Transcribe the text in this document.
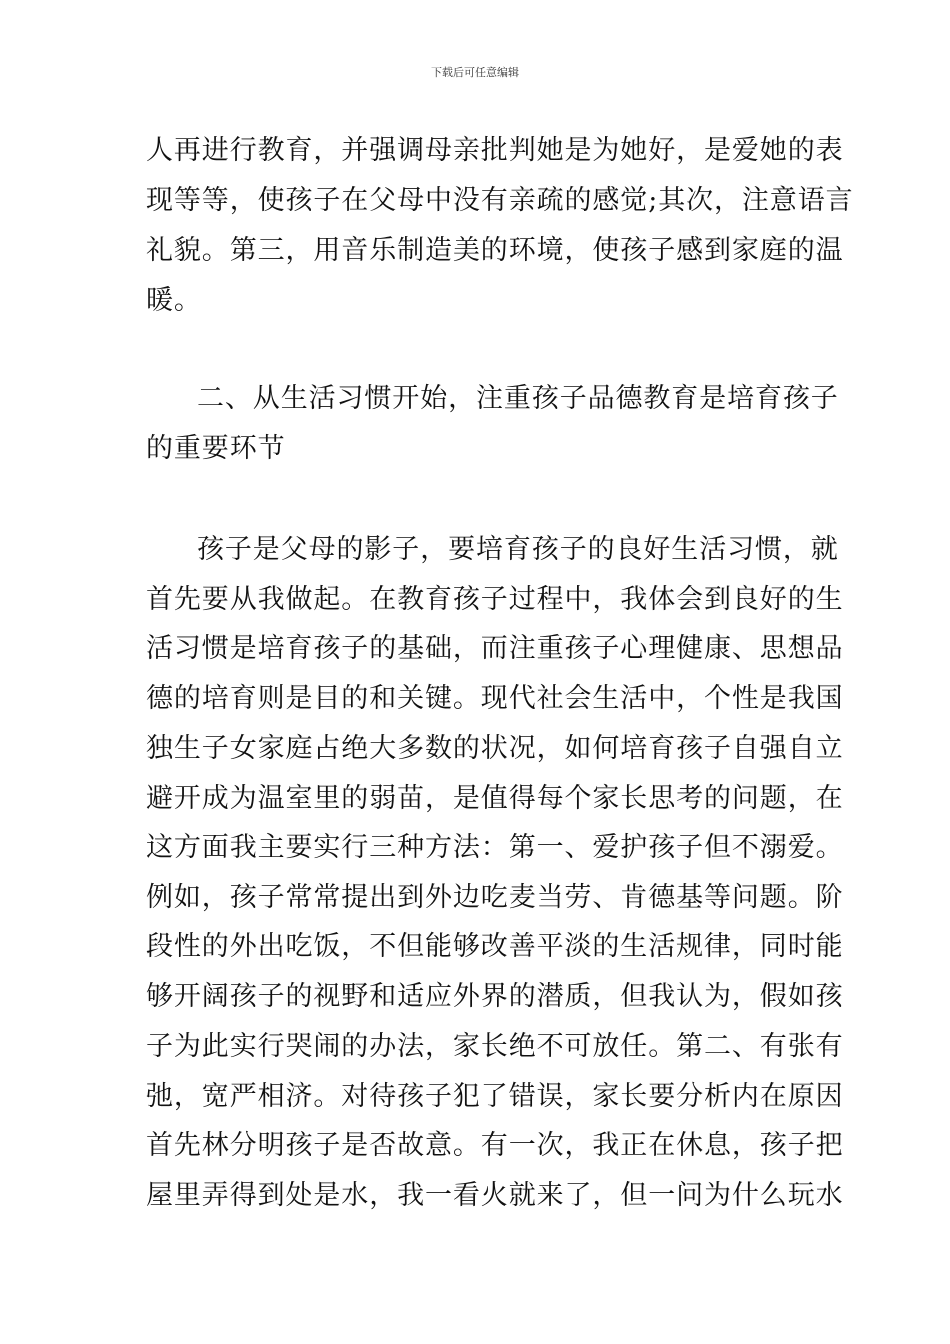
下载后可任意编辑
人再进行教育，并强调母亲批判她是为她好，是爱她的表
现等等，使孩子在父母中没有亲疏的感觉;其次，注意语言
礼貌。第三，用音乐制造美的环境，使孩子感到家庭的温
暖。
二、从生活习惯开始，注重孩子品德教育是培育孩子
的重要环节
孩子是父母的影子，要培育孩子的良好生活习惯，就
首先要从我做起。在教育孩子过程中，我体会到良好的生
活习惯是培育孩子的基础，而注重孩子心理健康、思想品
德的培育则是目的和关键。现代社会生活中，个性是我国
独生子女家庭占绝大多数的状况，如何培育孩子自强自立
避开成为温室里的弱苗，是值得每个家长思考的问题，在
这方面我主要实行三种方法：第一、爱护孩子但不溺爱。
例如，孩子常常提出到外边吃麦当劳、肯德基等问题。阶
段性的外出吃饭，不但能够改善平淡的生活规律，同时能
够开阔孩子的视野和适应外界的潜质，但我认为，假如孩
子为此实行哭闹的办法，家长绝不可放任。第二、有张有
弛，宽严相济。对待孩子犯了错误，家长要分析内在原因
首先林分明孩子是否故意。有一次，我正在休息，孩子把
屋里弄得到处是水，我一看火就来了，但一问为什么玩水
